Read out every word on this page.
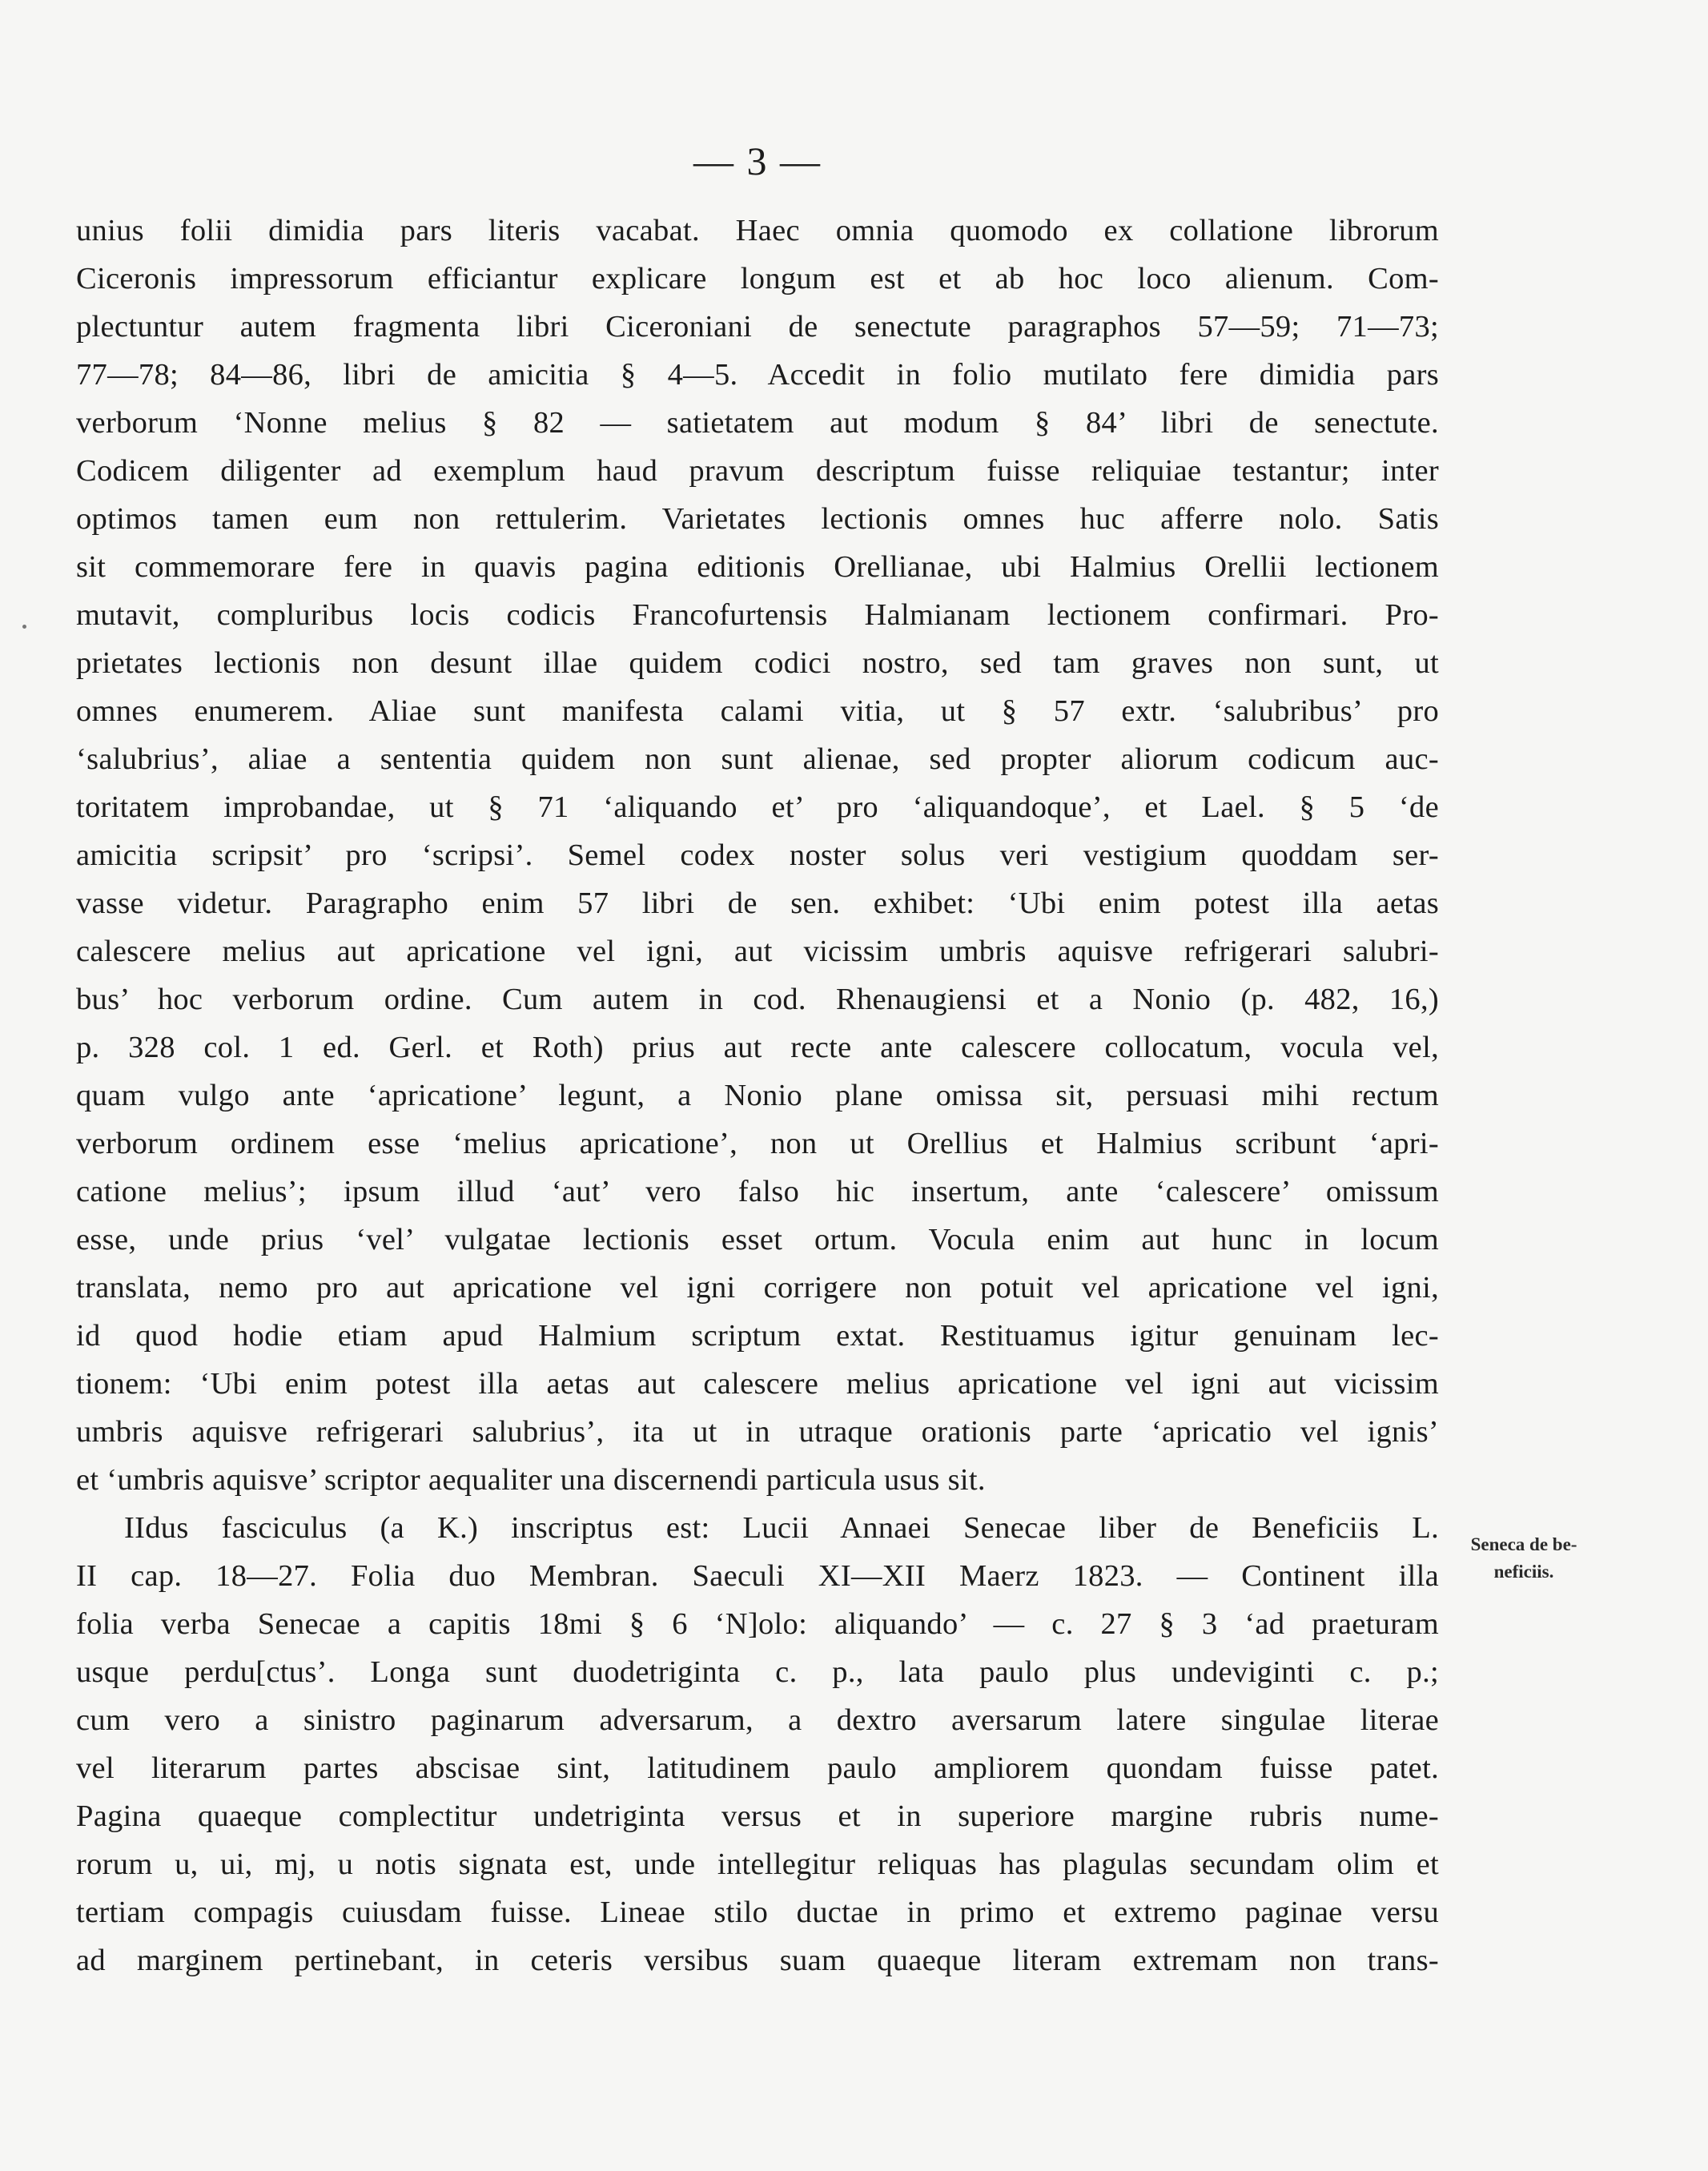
— 3 —
unius folii dimidia pars literis vacabat. Haec omnia quomodo ex collatione librorum
Ciceronis impressorum efficiantur explicare longum est et ab hoc loco alienum. Com-
plectuntur autem fragmenta libri Ciceroniani de senectute paragraphos 57—59; 71—73;
77—78; 84—86, libri de amicitia § 4—5. Accedit in folio mutilato fere dimidia pars
verborum ‘Nonne melius § 82 — satietatem aut modum § 84’ libri de senectute.
Codicem diligenter ad exemplum haud pravum descriptum fuisse reliquiae testantur; inter
optimos tamen eum non rettulerim. Varietates lectionis omnes huc afferre nolo. Satis
sit commemorare fere in quavis pagina editionis Orellianae, ubi Halmius Orellii lectionem
mutavit, compluribus locis codicis Francofurtensis Halmianam lectionem confirmari. Pro-
prietates lectionis non desunt illae quidem codici nostro, sed tam graves non sunt, ut
omnes enumerem. Aliae sunt manifesta calami vitia, ut § 57 extr. ‘salubribus’ pro
‘salubrius’, aliae a sententia quidem non sunt alienae, sed propter aliorum codicum auc-
toritatem improbandae, ut § 71 ‘aliquando et’ pro ‘aliquandoque’, et Lael. § 5 ‘de
amicitia scripsit’ pro ‘scripsi’. Semel codex noster solus veri vestigium quoddam ser-
vasse videtur. Paragrapho enim 57 libri de sen. exhibet: ‘Ubi enim potest illa aetas
calescere melius aut apricatione vel igni, aut vicissim umbris aquisve refrigerari salubri-
bus’ hoc verborum ordine. Cum autem in cod. Rhenaugiensi et a Nonio (p. 482, 16,)
p. 328 col. 1 ed. Gerl. et Roth) prius aut recte ante calescere collocatum, vocula vel,
quam vulgo ante ‘apricatione’ legunt, a Nonio plane omissa sit, persuasi mihi rectum
verborum ordinem esse ‘melius apricatione’, non ut Orellius et Halmius scribunt ‘apri-
catione melius’; ipsum illud ‘aut’ vero falso hic insertum, ante ‘calescere’ omissum
esse, unde prius ‘vel’ vulgatae lectionis esset ortum. Vocula enim aut hunc in locum
translata, nemo pro aut apricatione vel igni corrigere non potuit vel apricatione vel igni,
id quod hodie etiam apud Halmium scriptum extat. Restituamus igitur genuinam lec-
tionem: ‘Ubi enim potest illa aetas aut calescere melius apricatione vel igni aut vicissim
umbris aquisve refrigerari salubrius’, ita ut in utraque orationis parte ‘apricatio vel ignis’
et ‘umbris aquisve’ scriptor aequaliter una discernendi particula usus sit.
IIdus fasciculus (a K.) inscriptus est: Lucii Annaei Senecae liber de Beneficiis L.
II cap. 18—27. Folia duo Membran. Saeculi XI—XII Maerz 1823. — Continent illa
folia verba Senecae a capitis 18mi § 6 ‘N]olo: aliquando’ — c. 27 § 3 ‘ad praeturam
usque perdu[ctus’. Longa sunt duodetriginta c. p., lata paulo plus undeviginti c. p.;
cum vero a sinistro paginarum adversarum, a dextro aversarum latere singulae literae
vel literarum partes abscisae sint, latitudinem paulo ampliorem quondam fuisse patet.
Pagina quaeque complectitur undetriginta versus et in superiore margine rubris nume-
rorum u, ui, mj, u notis signata est, unde intellegitur reliquas has plagulas secundam olim et
tertiam compagis cuiusdam fuisse. Lineae stilo ductae in primo et extremo paginae versu
ad marginem pertinebant, in ceteris versibus suam quaeque literam extremam non trans-
Seneca de be-
neficiis.
